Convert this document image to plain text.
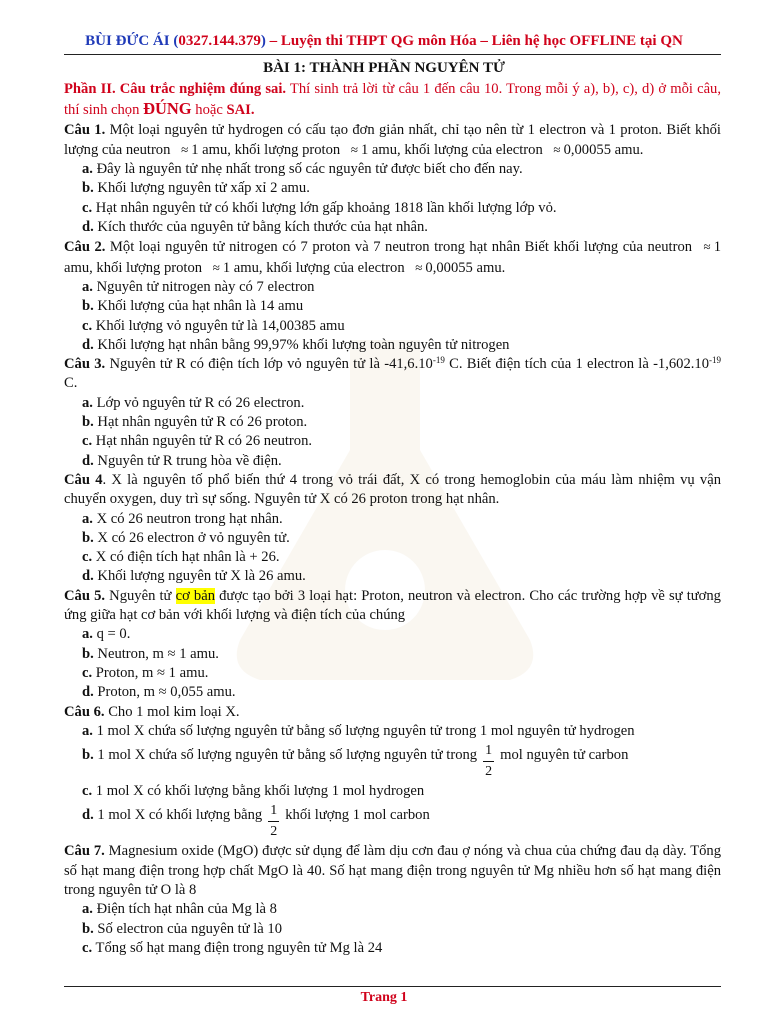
BÙI ĐỨC ÁI (0327.144.379) – Luyện thi THPT QG môn Hóa – Liên hệ học OFFLINE tại QN
BÀI 1: THÀNH PHẦN NGUYÊN TỬ

Phần II. Câu trắc nghiệm đúng sai. Thí sinh trả lời từ câu 1 đến câu 10. Trong mỗi ý a), b), c), d) ở mỗi câu, thí sinh chọn ĐÚNG hoặc SAI.

Câu 1. Một loại nguyên tử hydrogen có cấu tạo đơn giản nhất, chỉ tạo nên từ 1 electron và 1 proton. Biết khối lượng của neutron ≈ 1 amu, khối lượng proton ≈ 1 amu, khối lượng của electron ≈ 0,00055 amu.

a. Đây là nguyên tử nhẹ nhất trong số các nguyên tử được biết cho đến nay.

b. Khối lượng nguyên tử xấp xỉ 2 amu.

c. Hạt nhân nguyên tử có khối lượng lớn gấp khoảng 1818 lần khối lượng lớp vỏ.

d. Kích thước của nguyên tử bằng kích thước của hạt nhân.

Câu 2. Một loại nguyên tử nitrogen có 7 proton và 7 neutron trong hạt nhân Biết khối lượng của neutron ≈ 1 amu, khối lượng proton ≈ 1 amu, khối lượng của electron ≈ 0,00055 amu.

a. Nguyên tử nitrogen này có 7 electron

b. Khối lượng của hạt nhân là 14 amu

c. Khối lượng vỏ nguyên tử là 14,00385 amu

d. Khối lượng hạt nhân bằng 99,97% khối lượng toàn nguyên tử nitrogen

Câu 3. Nguyên tử R có điện tích lớp vỏ nguyên tử là $-41,6.10^{-19}$ C. Biết điện tích của 1 electron là $-1,602.10^{-19}$ C.

a. Lớp vỏ nguyên tử R có 26 electron.

b. Hạt nhân nguyên tử R có 26 proton.

c. Hạt nhân nguyên tử R có 26 neutron.

d. Nguyên tử R trung hòa về điện.

Câu 4. X là nguyên tố phổ biến thứ 4 trong vỏ trái đất, X có trong hemoglobin của máu làm nhiệm vụ vận chuyển oxygen, duy trì sự sống. Nguyên tử X có 26 proton trong hạt nhân.

a. X có 26 neutron trong hạt nhân.

b. X có 26 electron ở vỏ nguyên tử.

c. X có điện tích hạt nhân là + 26.

d. Khối lượng nguyên tử X là 26 amu.

Câu 5. Nguyên tử cơ bản được tạo bởi 3 loại hạt: Proton, neutron và electron. Cho các trường hợp về sự tương ứng giữa hạt cơ bản với khối lượng và điện tích của chúng

a. q = 0.

b. Neutron, m ≈ 1 amu.

c. Proton, m ≈ 1 amu.

d. Proton, m ≈ 0,055 amu.

Câu 6. Cho 1 mol kim loại X.

a. 1 mol X chứa số lượng nguyên tử bằng số lượng nguyên tử trong 1 mol nguyên tử hydrogen

b. 1 mol X chứa số lượng nguyên tử bằng số lượng nguyên tử trong $\frac{1}{2}$ mol nguyên tử carbon

c. 1 mol X có khối lượng bằng khối lượng 1 mol hydrogen

d. 1 mol X có khối lượng bằng $\frac{1}{2}$ khối lượng 1 mol carbon

Câu 7. Magnesium oxide (MgO) được sử dụng để làm dịu cơn đau ợ nóng và chua của chứng đau dạ dày. Tổng số hạt mang điện trong hợp chất MgO là 40. Số hạt mang điện trong nguyên tử Mg nhiều hơn số hạt mang điện trong nguyên tử O là 8

a. Điện tích hạt nhân của Mg là 8

b. Số electron của nguyên tử là 10

c. Tổng số hạt mang điện trong nguyên tử Mg là 24

Trang 1
